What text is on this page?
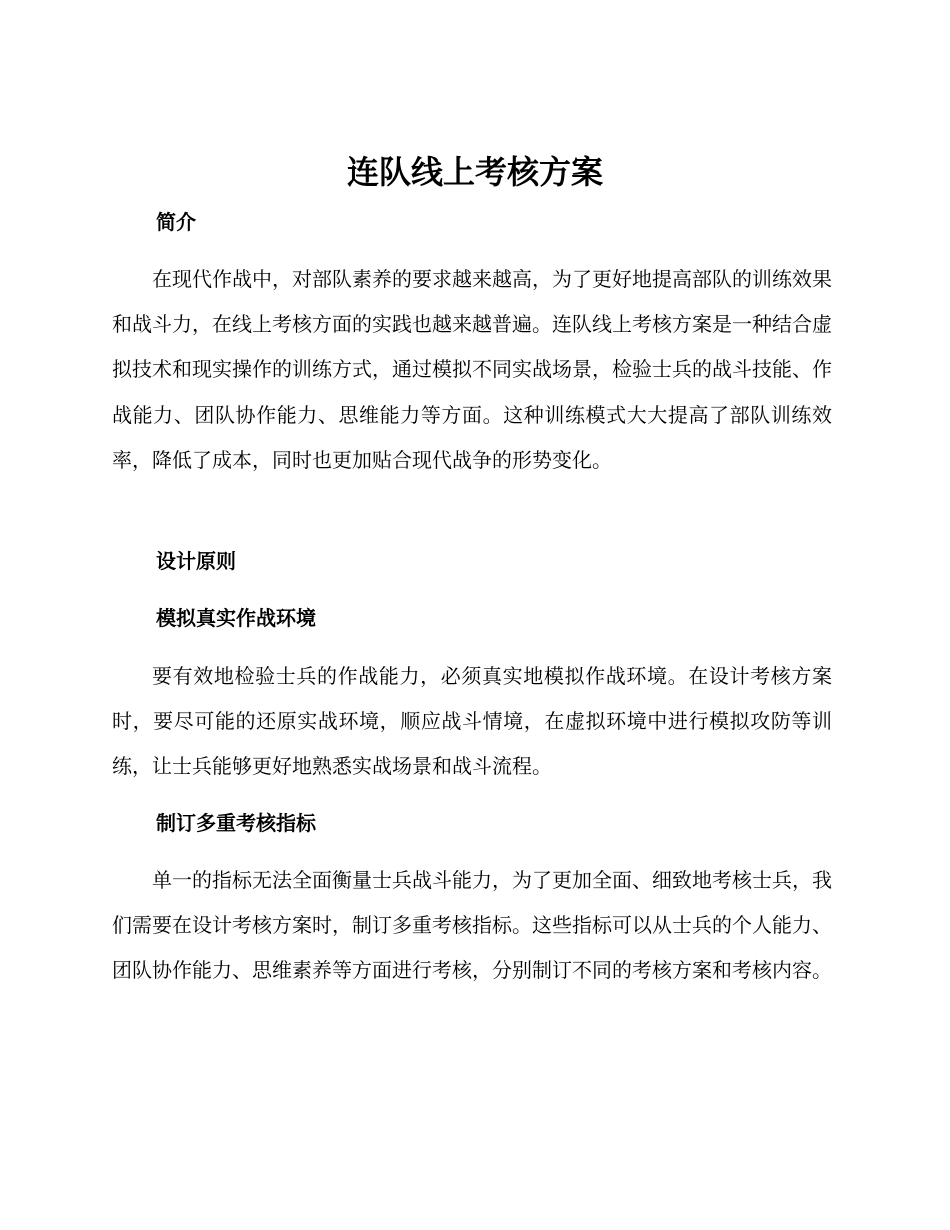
连队线上考核方案
简介

在现代作战中，对部队素养的要求越来越高，为了更好地提高部队的训练效果和战斗力，在线上考核方面的实践也越来越普遍。连队线上考核方案是一种结合虚拟技术和现实操作的训练方式，通过模拟不同实战场景，检验士兵的战斗技能、作战能力、团队协作能力、思维能力等方面。这种训练模式大大提高了部队训练效率，降低了成本，同时也更加贴合现代战争的形势变化。

设计原则
模拟真实作战环境

要有效地检验士兵的作战能力，必须真实地模拟作战环境。在设计考核方案时，要尽可能的还原实战环境，顺应战斗情境，在虚拟环境中进行模拟攻防等训练，让士兵能够更好地熟悉实战场景和战斗流程。

制订多重考核指标

单一的指标无法全面衡量士兵战斗能力，为了更加全面、细致地考核士兵，我们需要在设计考核方案时，制订多重考核指标。这些指标可以从士兵的个人能力、团队协作能力、思维素养等方面进行考核，分别制订不同的考核方案和考核内容。
